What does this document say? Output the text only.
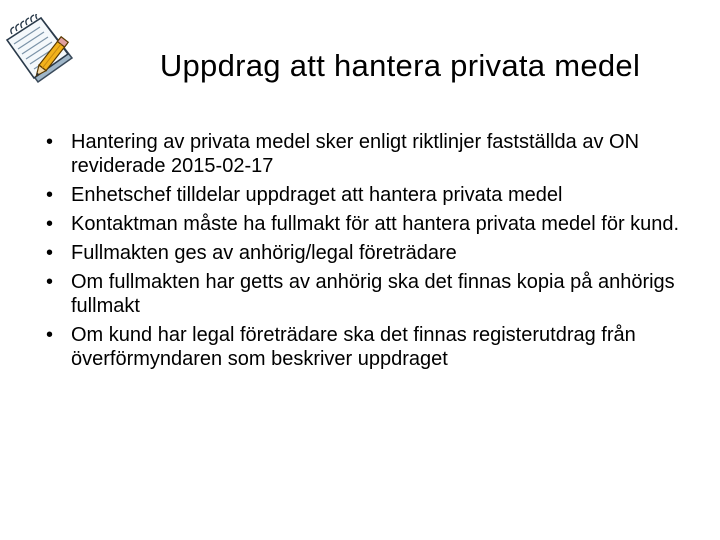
Uppdrag att hantera privata medel
• Hantering av privata medel sker enligt riktlinjer fastställda av ON reviderade 2015-02-17
• Enhetschef tilldelar uppdraget att hantera privata medel
• Kontaktman måste ha fullmakt för att hantera privata medel för kund.
• Fullmakten ges av anhörig/legal företrädare
• Om fullmakten har getts av anhörig ska det finnas kopia på anhörigs fullmakt
• Om kund har legal företrädare ska det finnas registerutdrag från överförmyndaren som beskriver uppdraget
